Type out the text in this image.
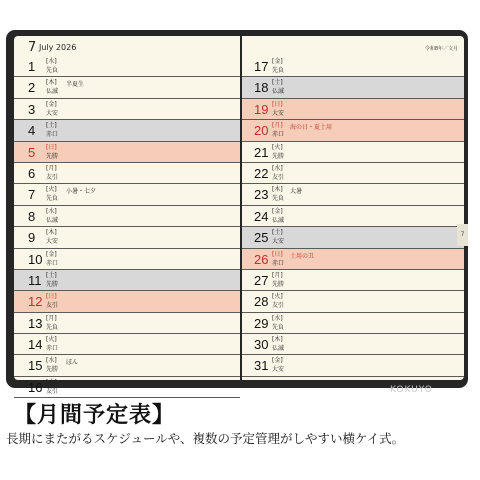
7 July 2026
1 [水]
先負
2 [木]
仏滅
半夏生
3 [金]
大安
4 [土]
赤口
5 [日]
先勝
6 [月]
友引
7 [火]
先負
小暑・七夕
8 [水]
仏滅
9 [木]
大安
10 [金]
赤口
11 [土]
先勝
12 [日]
友引
13 [月]
先負
14 [火]
赤口
15 [水]
先勝
ぼん
16 [木]
友引
令和8年／文月
17 [金]
先負
18 [土]
仏滅
19 [日]
大安
20 [月]
赤口
海の日・夏土用
21 [火]
先勝
22 [水]
友引
23 [木]
先負
大暑
24 [金]
仏滅
25 [土]
大安
26 [日]
赤口
土用の丑
27 [月]
先勝
28 [火]
友引
29 [水]
先負
30 [木]
仏滅
31 [金]
大安
7
KOKUYO
【月間予定表】
長期にまたがるスケジュールや、複数の予定管理がしやすい横ケイ式。
